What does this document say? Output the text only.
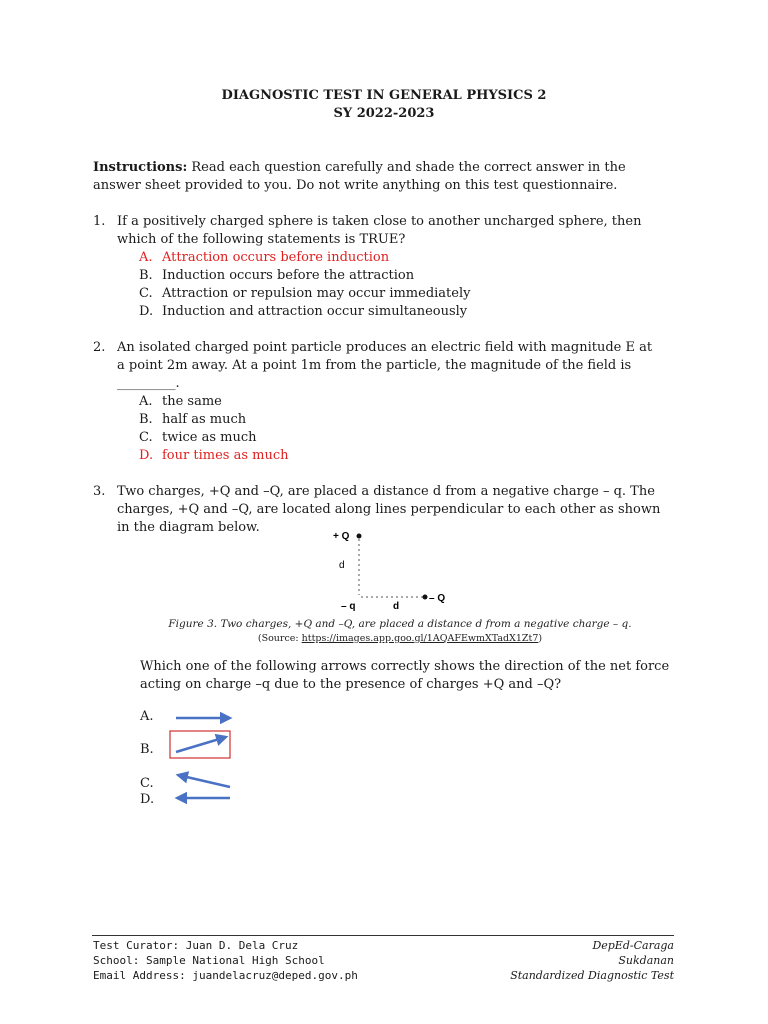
DIAGNOSTIC TEST IN GENERAL PHYSICS 2
SY 2022-2023
Instructions: Read each question carefully and shade the correct answer in the
answer sheet provided to you. Do not write anything on this test questionnaire.
1. If a positively charged sphere is taken close to another uncharged sphere, then
which of the following statements is TRUE?
A. Attraction occurs before induction
B. Induction occurs before the attraction
C. Attraction or repulsion may occur immediately
D. Induction and attraction occur simultaneously
2. An isolated charged point particle produces an electric field with magnitude E at
a point 2m away. At a point 1m from the particle, the magnitude of the field is
_________.
A. the same
B. half as much
C. twice as much
D. four times as much
3. Two charges, +Q and –Q, are placed a distance d from a negative charge – q. The
charges, +Q and –Q, are located along lines perpendicular to each other as shown
in the diagram below.
+ Q
d
– q	d
– Q
Figure 3. Two charges, +Q and –Q, are placed a distance d from a negative charge – q.
(Source: https://images.app.goo.gl/1AQAFEwmXTadX1Zt7)
Which one of the following arrows correctly shows the direction of the net force
acting on charge –q due to the presence of charges +Q and –Q?
A.
B.
C.
D.
Test Curator: Juan D. Dela Cruz
School: Sample National High School
Email Address: juandelacruz@deped.gov.ph
DepEd-Caraga
Sukdanan
Standardized Diagnostic Test
